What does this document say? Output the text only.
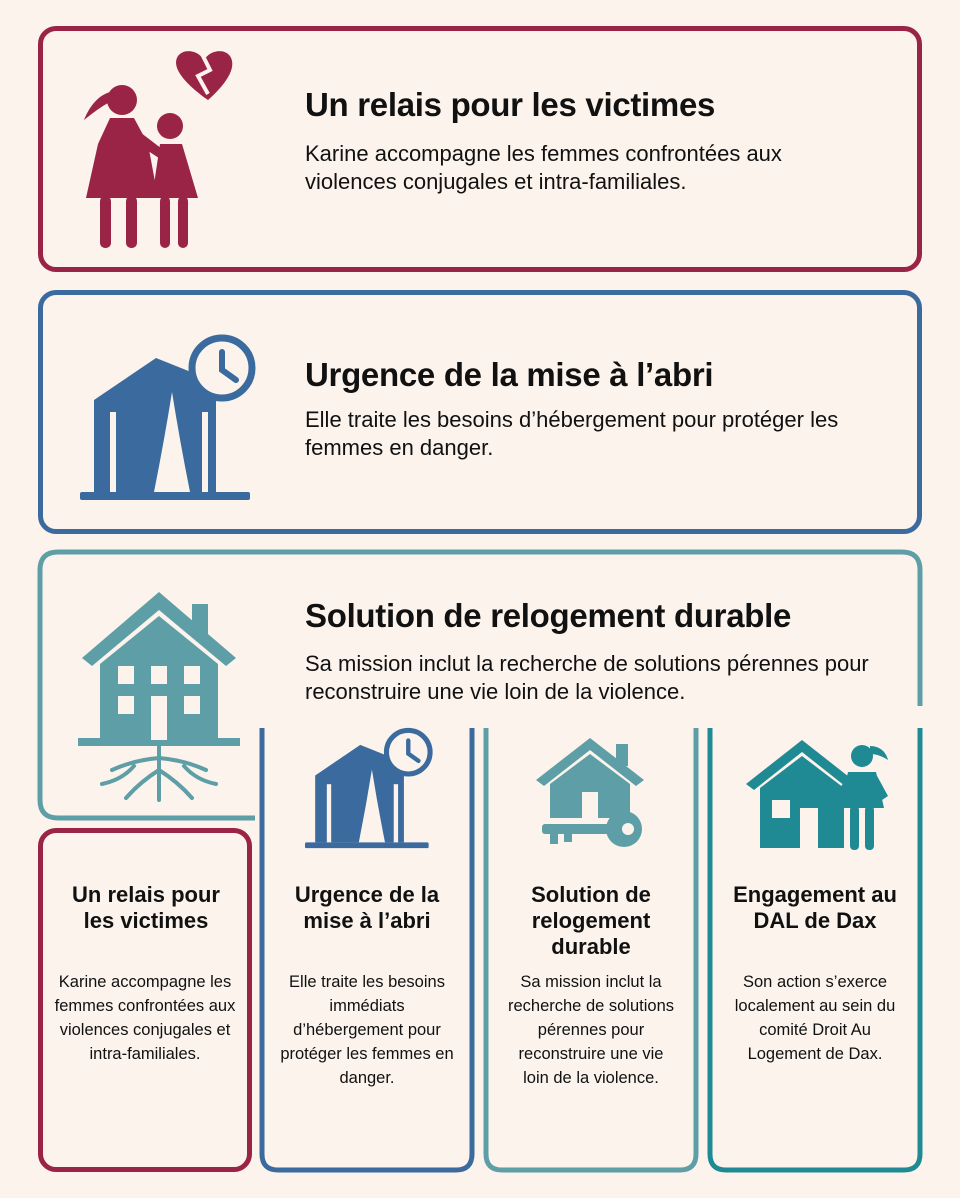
Un relais pour les victimes

Karine accompagne les femmes confrontées aux violences conjugales et intra-familiales.

Urgence de la mise à l’abri

Elle traite les besoins d’hébergement pour protéger les femmes en danger.

Solution de relogement durable

Sa mission inclut la recherche de solutions pérennes pour reconstruire une vie loin de la violence.

Un relais pour les victimes

Karine accompagne les femmes confrontées aux violences conjugales et intra-familiales.

Urgence de la mise à l’abri

Elle traite les besoins immédiats d’hébergement pour protéger les femmes en danger.

Solution de relogement durable

Sa mission inclut la recherche de solutions pérennes pour reconstruire une vie loin de la violence.

Engagement au DAL de Dax

Son action s’exerce localement au sein du comité Droit Au Logement de Dax.
